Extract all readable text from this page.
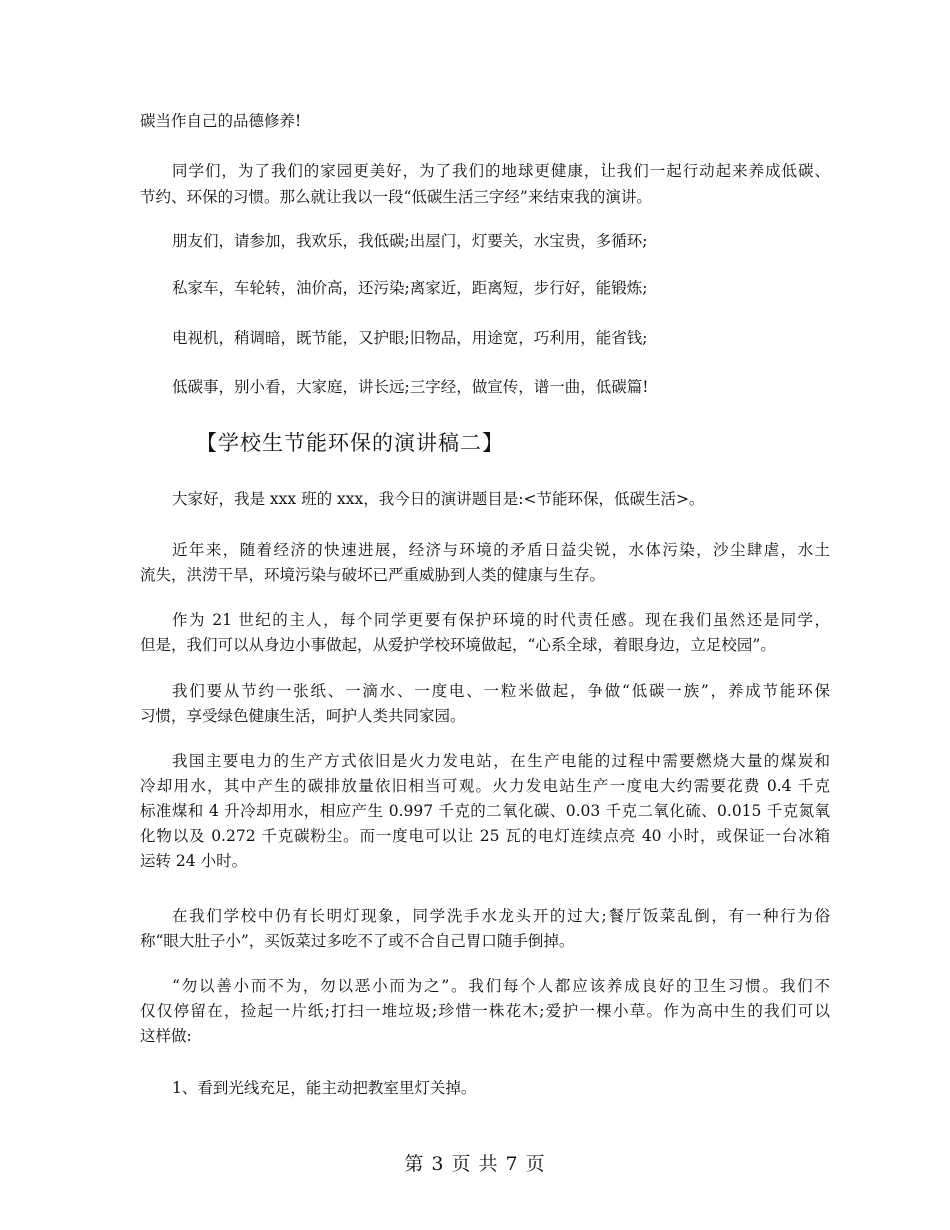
碳当作自己的品德修养!
同学们，为了我们的家园更美好，为了我们的地球更健康，让我们一起行动起来养成低碳、
节约、环保的习惯。那么就让我以一段“低碳生活三字经”来结束我的演讲。
朋友们，请参加，我欢乐，我低碳;出屋门，灯要关，水宝贵，多循环;
私家车，车轮转，油价高，还污染;离家近，距离短，步行好，能锻炼;
电视机，稍调暗，既节能，又护眼;旧物品，用途宽，巧利用，能省钱;
低碳事，别小看，大家庭，讲长远;三字经，做宣传，谱一曲，低碳篇!
【学校生节能环保的演讲稿二】
大家好，我是 xxx 班的 xxx，我今日的演讲题目是:<节能环保，低碳生活>。
近年来，随着经济的快速进展，经济与环境的矛盾日益尖锐，水体污染，沙尘肆虐，水土
流失，洪涝干旱，环境污染与破坏已严重威胁到人类的健康与生存。
作为 21 世纪的主人，每个同学更要有保护环境的时代责任感。现在我们虽然还是同学，
但是，我们可以从身边小事做起，从爱护学校环境做起，“心系全球，着眼身边，立足校园”。
我们要从节约一张纸、一滴水、一度电、一粒米做起，争做“低碳一族”，养成节能环保
习惯，享受绿色健康生活，呵护人类共同家园。
我国主要电力的生产方式依旧是火力发电站，在生产电能的过程中需要燃烧大量的煤炭和
冷却用水，其中产生的碳排放量依旧相当可观。火力发电站生产一度电大约需要花费 0.4 千克
标准煤和 4 升冷却用水，相应产生 0.997 千克的二氧化碳、0.03 千克二氧化硫、0.015 千克氮氧
化物以及 0.272 千克碳粉尘。而一度电可以让 25 瓦的电灯连续点亮 40 小时，或保证一台冰箱
运转 24 小时。
在我们学校中仍有长明灯现象，同学洗手水龙头开的过大;餐厅饭菜乱倒，有一种行为俗
称“眼大肚子小”，买饭菜过多吃不了或不合自己胃口随手倒掉。
“勿以善小而不为，勿以恶小而为之”。我们每个人都应该养成良好的卫生习惯。我们不
仅仅停留在，捡起一片纸;打扫一堆垃圾;珍惜一株花木;爱护一棵小草。作为高中生的我们可以
这样做:
1、看到光线充足，能主动把教室里灯关掉。
第 3 页 共 7 页
